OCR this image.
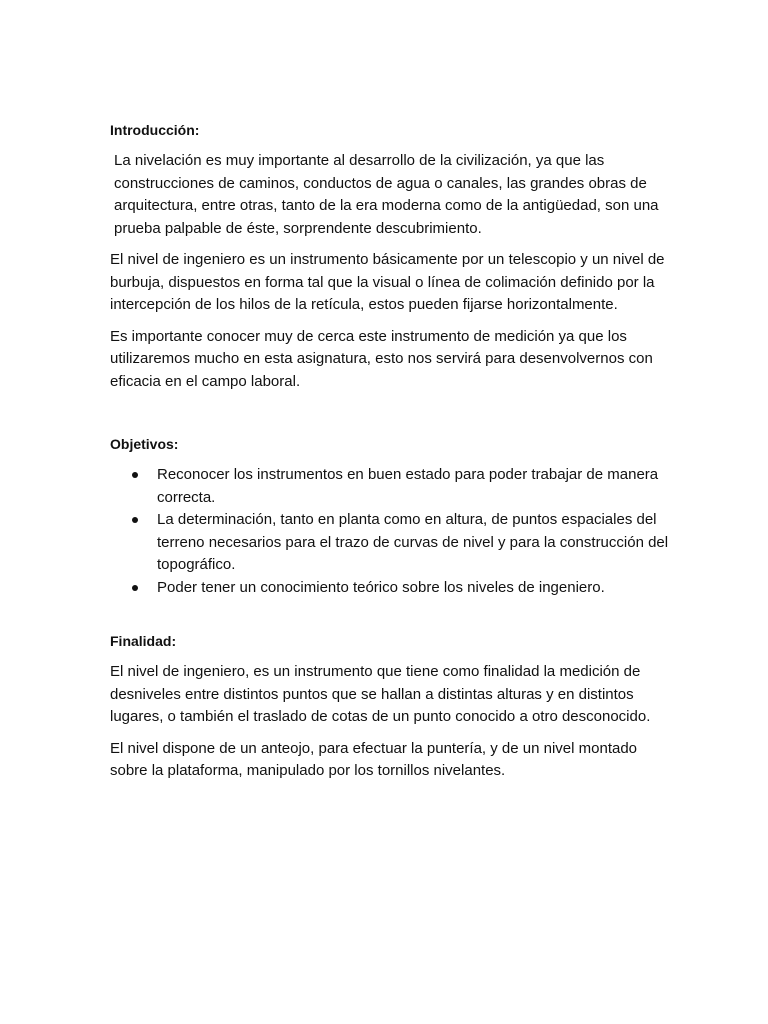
Introducción:

La nivelación es muy importante al desarrollo de la civilización, ya que las construcciones de caminos, conductos de agua o canales, las grandes obras de arquitectura, entre otras, tanto de la era moderna como de la antigüedad, son una prueba palpable de éste, sorprendente descubrimiento.

El nivel de ingeniero es un instrumento básicamente por un telescopio y un nivel de burbuja, dispuestos en forma tal que la visual o línea de colimación definido por la intercepción de los hilos de la retícula, estos pueden fijarse horizontalmente.

Es importante conocer muy de cerca este instrumento de medición ya que los utilizaremos mucho en esta asignatura, esto nos servirá para desenvolvernos con eficacia en el campo laboral.

Objetivos:
Reconocer los instrumentos en buen estado para poder trabajar de manera correcta.
La determinación, tanto en planta como en altura, de puntos espaciales del terreno necesarios para el trazo de curvas de nivel y para la construcción del topográfico.
Poder tener un conocimiento teórico sobre los niveles de ingeniero.
Finalidad:

El nivel de ingeniero, es un instrumento que tiene como finalidad la medición de desniveles entre distintos puntos que se hallan a distintas alturas y en distintos lugares, o también el traslado de cotas de un punto conocido a otro desconocido.

El nivel dispone de un anteojo, para efectuar la puntería, y de un nivel montado sobre la plataforma, manipulado por los tornillos nivelantes.
